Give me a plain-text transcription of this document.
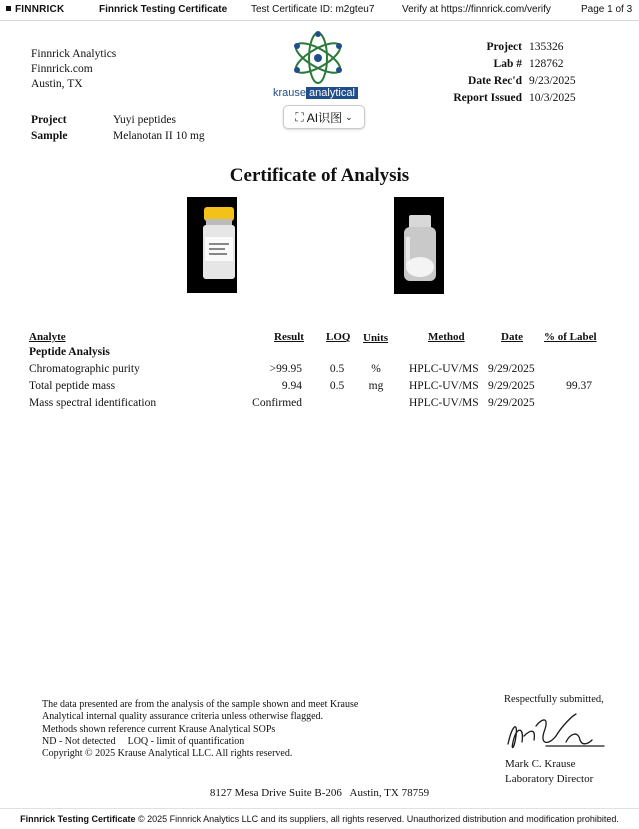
FINNRICK	Finnrick Testing Certificate Test Certificate ID: m2gteu7	Verify at https://finnrick.com/verify	Page 1 of 3
Finnrick Analytics
Finnrick.com
Austin, TX
krause analytical
⛶ AI识图 ⌄
Project	135326
Lab #	128762
Date Rec'd	9/23/2025
Report Issued	10/3/2025
Project	Yuyi peptides
Sample	Melanotan II 10 mg
Certificate of Analysis
Analyte	Result LOQ Units	Method	Date % of Label
Peptide Analysis
Chromatographic purity	>99.95	0.5	%	HPLC-UV/MS 9/29/2025
Total peptide mass	9.94	0.5	mg	HPLC-UV/MS 9/29/2025	99.37
Mass spectral identification	Confirmed	HPLC-UV/MS 9/29/2025
The data presented are from the analysis of the sample shown and meet Krause
Analytical internal quality assurance criteria unless otherwise flagged.
Methods shown reference current Krause Analytical SOPs
ND - Not detected LOQ - limit of quantification
Copyright © 2025 Krause Analytical LLC. All rights reserved.
Respectfully submitted,
Mark C. Krause
Laboratory Director
8127 Mesa Drive Suite B-206   Austin, TX 78759
Finnrick Testing Certificate © 2025 Finnrick Analytics LLC and its suppliers, all rights reserved. Unauthorized distribution and modification prohibited.
